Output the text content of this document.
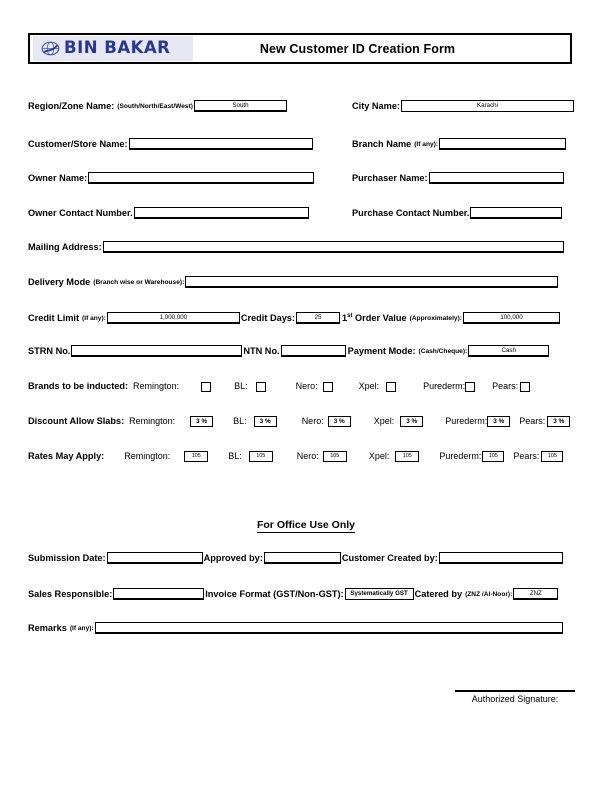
BIN BAKAR	New Customer ID Creation Form
Region/Zone Name: (South/North/East/West)	South	City Name:	Karachi
Customer/Store Name:	Branch Name (If any):
Owner Name:	Purchaser Name:
Owner Contact Number.	Purchase Contact Number.
Mailing Address:
Delivery Mode (Branch wise or Warehouse):
Credit Limit (If any):	1,000,000	Credit Days:	25	1st Order Value (Approximately):	100,000
STRN No.	NTN No.	Payment Mode: (Cash/Cheque):	Cash
Brands to be inducted: Remington:	BL:	Nero:	Xpel:	Purederm:	Pears:
Discount Allow Slabs: Remington:	3 %	BL:	3 %	Nero:	3 %	Xpel:	3 %	Purederm: 3 %	Pears:	3 %
Rates May Apply: Remington:	105	BL:	105	Nero:	105	Xpel:	105	Purederm:	105	Pears:	105
For Office Use Only
Submission Date:	Approved by:	Customer Created by:
Sales Responsible:	Invoice Format (GST/Non-GST):	Systematically GST Catered by (ZNZ /Al-Noor):	ZNZ
Remarks (If any):
Authorized Signature:
